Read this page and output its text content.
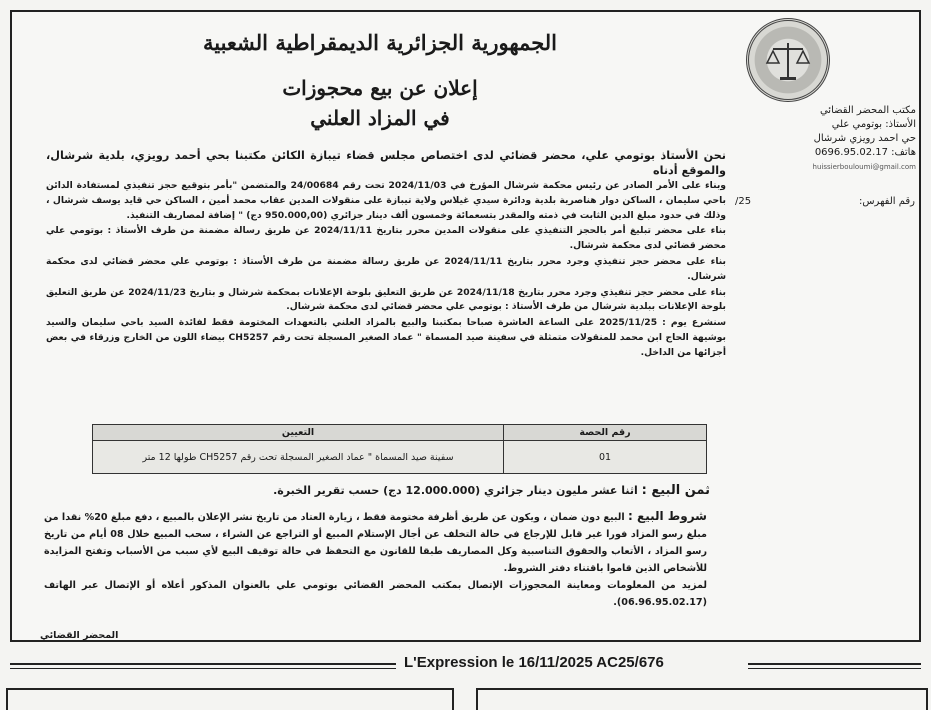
الجمهورية الجزائرية الديمقراطية الشعبية
إعلان عن بيع محجوزات
في المزاد العلني	مكتب المحضر القضائي
الأستاذ: بوتومي علي
حي احمد رويزي شرشال
هاتف: 0696.95.02.17
huissierbouloumi@gmail.com
رقم الفهرس:
25/

نحن الأستاذ بوتومي علي، محضر قضائي لدى اختصاص مجلس قضاء تيبازة الكائن مكتبنا بحي أحمد رويزي، بلدية شرشال، والموقع أدناه

وبناء على الأمر الصادر عن رئيس محكمة شرشال المؤرخ في 2024/11/03 تحت رقم 24/00684 والمتضمن "بأمر بتوقيع حجز تنفيذي لمستفادة الدائن باحي سليمان ، الساكن دوار هناصرية بلدية ودائرة سيدي غيلاس ولاية تيبازة على منقولات المدين عقاب محمد أمين ، الساكن حي قايد يوسف شرشال ، وذلك في حدود مبلغ الدين الثابت في ذمته والمقدر بتسعمائة وخمسون ألف دينار جزائري (950.000,00 دج) " إضافة لمصاريف التنفيذ.

بناء على محضر تبليغ أمر بالحجز التنفيذي على منقولات المدين محرر بتاريخ 2024/11/11 عن طريق رسالة مضمنة من طرف الأستاذ : بوتومي علي محضر قضائي لدى محكمة شرشال.

بناء على محضر حجز تنفيذي وجرد محرر بتاريخ 2024/11/11 عن طريق رسالة مضمنة من طرف الأستاذ : بوتومي علي محضر قضائي لدى محكمة شرشال.

بناء على محضر حجز تنفيذي وجرد محرر بتاريخ 2024/11/18 عن طريق التعليق بلوحة الإعلانات بمحكمة شرشال و بتاريخ 2024/11/23 عن طريق التعليق بلوحة الإعلانات ببلدية شرشال من طرف الأستاذ : بوتومي علي محضر قضائي لدى محكمة شرشال.

سنشرع يوم : 2025/11/25 على الساعة العاشرة صباحا بمكتبنا والبيع بالمزاد العلني بالتعهدات المختومة فقط لفائدة السيد باحي سليمان والسيد بوشيهة الحاج ابن محمد للمنقولات متمثلة في سفينة صيد المسماة " عماد الصغير المسجلة تحت رقم CH5257 بيضاء اللون من الخارج وزرقاء في بعض أجزائها من الداخل.

رقم الحصة	التعيين
01	سفينة صيد المسماة " عماد الصغير المسجلة تحت رقم CH5257 طولها 12 متر
ثمن البيع : اثنا عشر مليون دينار جزائري (12.000.000 دج) حسب تقرير الخبرة.

شروط البيع : البيع دون ضمان ، ويكون عن طريق أظرفة مختومة فقط ، زيارة العتاد من تاريخ نشر الإعلان بالمبيع ، دفع مبلغ 20% نقدا من مبلغ رسو المزاد فورا غير قابل للإرجاع في حالة التخلف عن أجال الإستلام المبيع أو التراجع عن الشراء ، سحب المبيع خلال 08 أيام من تاريخ رسو المزاد ، الأتعاب والحقوق التناسبية وكل المصاريف طبقا للقانون مع التحفظ في حالة توقيف البيع لأي سبب من الأسباب وتفتح المزايدة للأشخاص الذين قاموا باقتناء دفتر الشروط.

لمزيد من المعلومات ومعاينة المحجوزات الإتصال بمكتب المحضر القضائي بوتومي علي بالعنوان المذكور أعلاه أو الإتصال عبر الهاتف (06.96.95.02.17).

المحضر القضائي
L'Expression le 16/11/2025 AC25/676
